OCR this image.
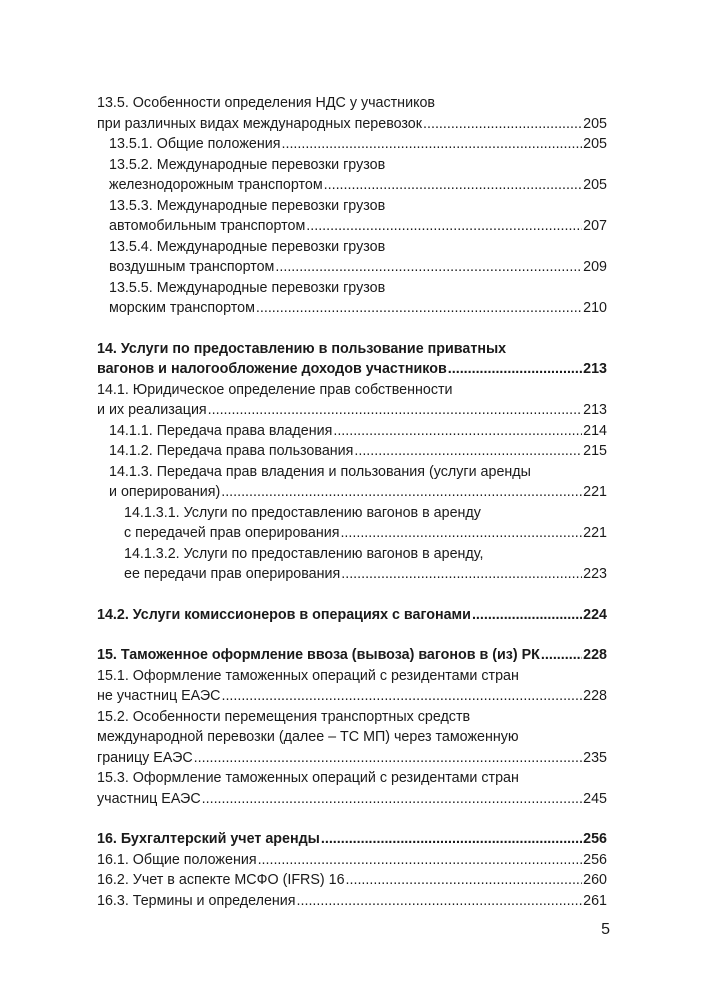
13.5. Особенности определения НДС у участников
при различных видах международных перевозок .....	205
13.5.1. Общие положения .....	205
13.5.2. Международные перевозки грузов
железнодорожным транспортом .....	205
13.5.3. Международные перевозки грузов
автомобильным транспортом .....	207
13.5.4. Международные перевозки грузов
воздушным транспортом .....	209
13.5.5. Международные перевозки грузов
морским транспортом .....	210
14. Услуги по предоставлению в пользование приватных
вагонов и налогообложение доходов участников .....	213
14.1. Юридическое определение прав собственности
и их реализация .....	213
14.1.1. Передача права владения .....	214
14.1.2. Передача права пользования .....	215
14.1.3. Передача прав владения и пользования (услуги аренды
и оперирования) .....	221
14.1.3.1. Услуги по предоставлению вагонов в аренду
с передачей прав оперирования .....	221
14.1.3.2. Услуги по предоставлению вагонов в аренду,
ее передачи прав оперирования .....	223
14.2. Услуги комиссионеров в операциях с вагонами .....	224
15. Таможенное оформление ввоза (вывоза) вагонов в (из) РК .....	228
15.1. Оформление таможенных операций с резидентами стран
не участниц ЕАЭС .....	228
15.2. Особенности перемещения транспортных средств
международной перевозки (далее – ТС МП) через таможенную
границу ЕАЭС .....	235
15.3. Оформление таможенных операций с резидентами стран
участниц ЕАЭС .....	245
16. Бухгалтерский учет аренды .....	256
16.1. Общие положения .....	256
16.2. Учет в аспекте МСФО (IFRS) 16 .....	260
16.3. Термины и определения .....	261
5
